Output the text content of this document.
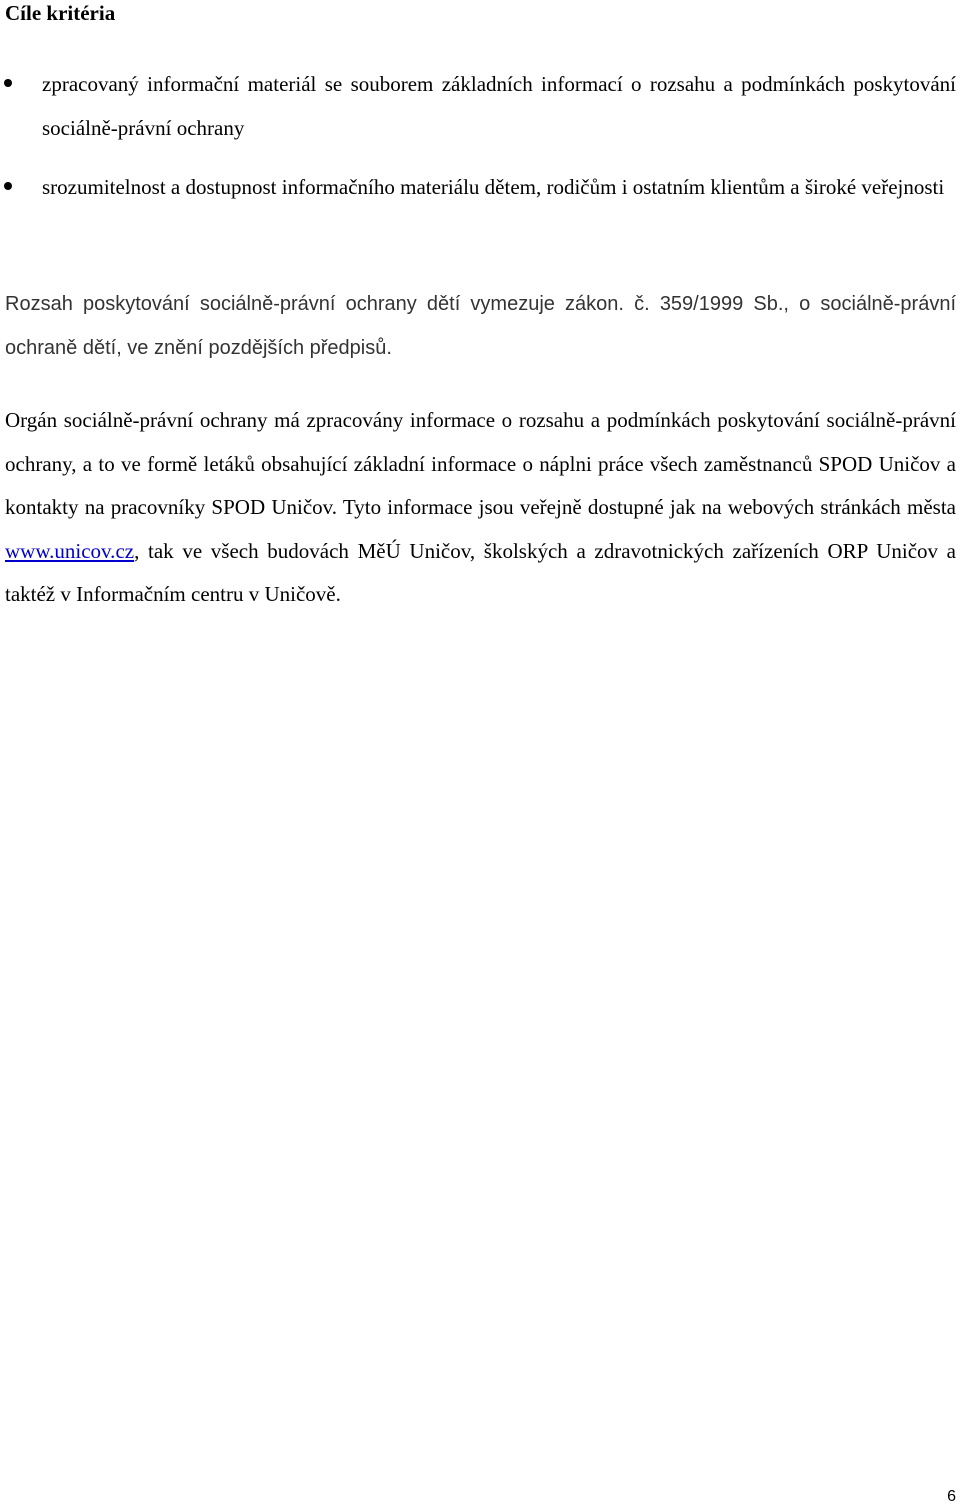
Cíle kritéria
zpracovaný informační materiál se souborem základních informací o rozsahu a podmínkách poskytování sociálně-právní ochrany
srozumitelnost a dostupnost informačního materiálu dětem, rodičům i ostatním klientům a široké veřejnosti

Rozsah poskytování sociálně-právní ochrany dětí vymezuje zákon. č. 359/1999 Sb., o sociálně-právní ochraně dětí, ve znění pozdějších předpisů.

Orgán sociálně-právní ochrany má zpracovány informace o rozsahu a podmínkách poskytování sociálně-právní ochrany, a to ve formě letáků obsahující základní informace o náplni práce všech zaměstnanců SPOD Uničov a kontakty na pracovníky SPOD Uničov. Tyto informace jsou veřejně dostupné jak na webových stránkách města www.unicov.cz, tak ve všech budovách MěÚ Uničov, školských a zdravotnických zařízeních ORP Uničov a taktéž v Informačním centru v Uničově.

6
